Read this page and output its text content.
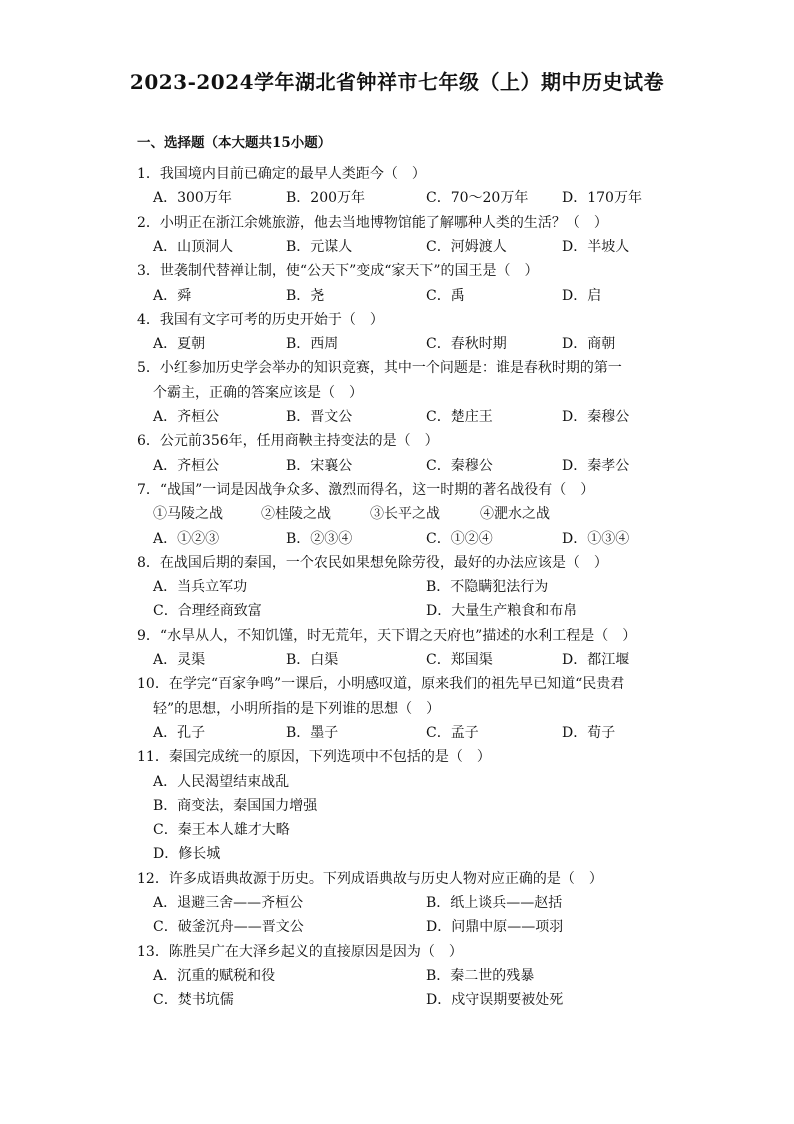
2023-2024学年湖北省钟祥市七年级（上）期中历史试卷
一、选择题（本大题共15小题）
1．我国境内目前已确定的最早人类距今（　）
A．300万年	B．200万年	C．70～20万年 D．170万年
2．小明正在浙江余姚旅游，他去当地博物馆能了解哪种人类的生活？（　）
A．山顶洞人	B．元谋人	C．河姆渡人	D．半坡人
3．世袭制代替禅让制，使“公天下”变成“家天下”的国王是（　）
A．舜	B．尧	C．禹	D．启
4．我国有文字可考的历史开始于（　）
A．夏朝	B．西周	C．春秋时期	D．商朝
5．小红参加历史学会举办的知识竞赛，其中一个问题是：谁是春秋时期的第一
个霸主，正确的答案应该是（　）
A．齐桓公	B．晋文公	C．楚庄王	D．秦穆公
6．公元前356年，任用商鞅主持变法的是（　）
A．齐桓公	B．宋襄公	C．秦穆公	D．秦孝公
7．“战国”一词是因战争众多、激烈而得名，这一时期的著名战役有（　）
①马陵之战	②桂陵之战	③长平之战	④淝水之战
A．①②③	B．②③④	C．①②④	D．①③④
8．在战国后期的秦国，一个农民如果想免除劳役，最好的办法应该是（　）
A．当兵立军功	B．不隐瞒犯法行为
C．合理经商致富	D．大量生产粮食和布帛
9．“水旱从人，不知饥馑，时无荒年，天下谓之天府也”描述的水利工程是（　）
A．灵渠	B．白渠	C．郑国渠	D．都江堰
10．在学完“百家争鸣”一课后，小明感叹道，原来我们的祖先早已知道“民贵君
轻”的思想，小明所指的是下列谁的思想（　）
A．孔子	B．墨子	C．孟子	D．荀子
11．秦国完成统一的原因，下列选项中不包括的是（　）
A．人民渴望结束战乱
B．商变法，秦国国力增强
C．秦王本人雄才大略
D．修长城
12．许多成语典故源于历史。下列成语典故与历史人物对应正确的是（　）
A．退避三舍——齐桓公	B．纸上谈兵——赵括
C．破釜沉舟——晋文公	D．问鼎中原——项羽
13．陈胜吴广在大泽乡起义的直接原因是因为（　）
A．沉重的赋税和役	B．秦二世的残暴
C．焚书坑儒	D．戍守误期要被处死
